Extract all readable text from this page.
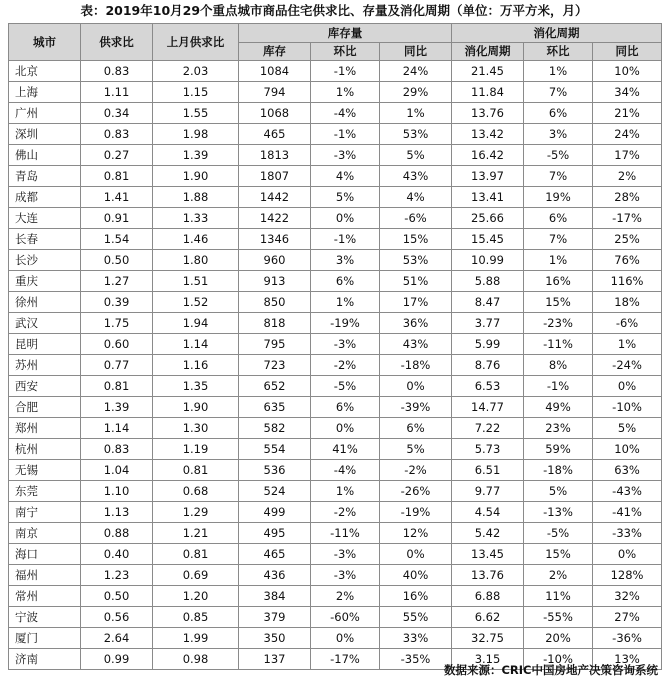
表：2019年10月29个重点城市商品住宅供求比、存量及消化周期（单位：万平方米，月）
城市	供求比	上月供求比	库存量			消化周期		
			库存	环比	同比	消化周期	环比	同比
北京	0.83	2.03	1084	-1%	24%	21.45	1%	10%
上海	1.11	1.15	794	1%	29%	11.84	7%	34%
广州	0.34	1.55	1068	-4%	1%	13.76	6%	21%
深圳	0.83	1.98	465	-1%	53%	13.42	3%	24%
佛山	0.27	1.39	1813	-3%	5%	16.42	-5%	17%
青岛	0.81	1.90	1807	4%	43%	13.97	7%	2%
成都	1.41	1.88	1442	5%	4%	13.41	19%	28%
大连	0.91	1.33	1422	0%	-6%	25.66	6%	-17%
长春	1.54	1.46	1346	-1%	15%	15.45	7%	25%
长沙	0.50	1.80	960	3%	53%	10.99	1%	76%
重庆	1.27	1.51	913	6%	51%	5.88	16%	116%
徐州	0.39	1.52	850	1%	17%	8.47	15%	18%
武汉	1.75	1.94	818	-19%	36%	3.77	-23%	-6%
昆明	0.60	1.14	795	-3%	43%	5.99	-11%	1%
苏州	0.77	1.16	723	-2%	-18%	8.76	8%	-24%
西安	0.81	1.35	652	-5%	0%	6.53	-1%	0%
合肥	1.39	1.90	635	6%	-39%	14.77	49%	-10%
郑州	1.14	1.30	582	0%	6%	7.22	23%	5%
杭州	0.83	1.19	554	41%	5%	5.73	59%	10%
无锡	1.04	0.81	536	-4%	-2%	6.51	-18%	63%
东莞	1.10	0.68	524	1%	-26%	9.77	5%	-43%
南宁	1.13	1.29	499	-2%	-19%	4.54	-13%	-41%
南京	0.88	1.21	495	-11%	12%	5.42	-5%	-33%
海口	0.40	0.81	465	-3%	0%	13.45	15%	0%
福州	1.23	0.69	436	-3%	40%	13.76	2%	128%
常州	0.50	1.20	384	2%	16%	6.88	11%	32%
宁波	0.56	0.85	379	-60%	55%	6.62	-55%	27%
厦门	2.64	1.99	350	0%	33%	32.75	20%	-36%
济南	0.99	0.98	137	-17%	-35%	3.15	-10%	13%
数据来源：CRIC中国房地产决策咨询系统
